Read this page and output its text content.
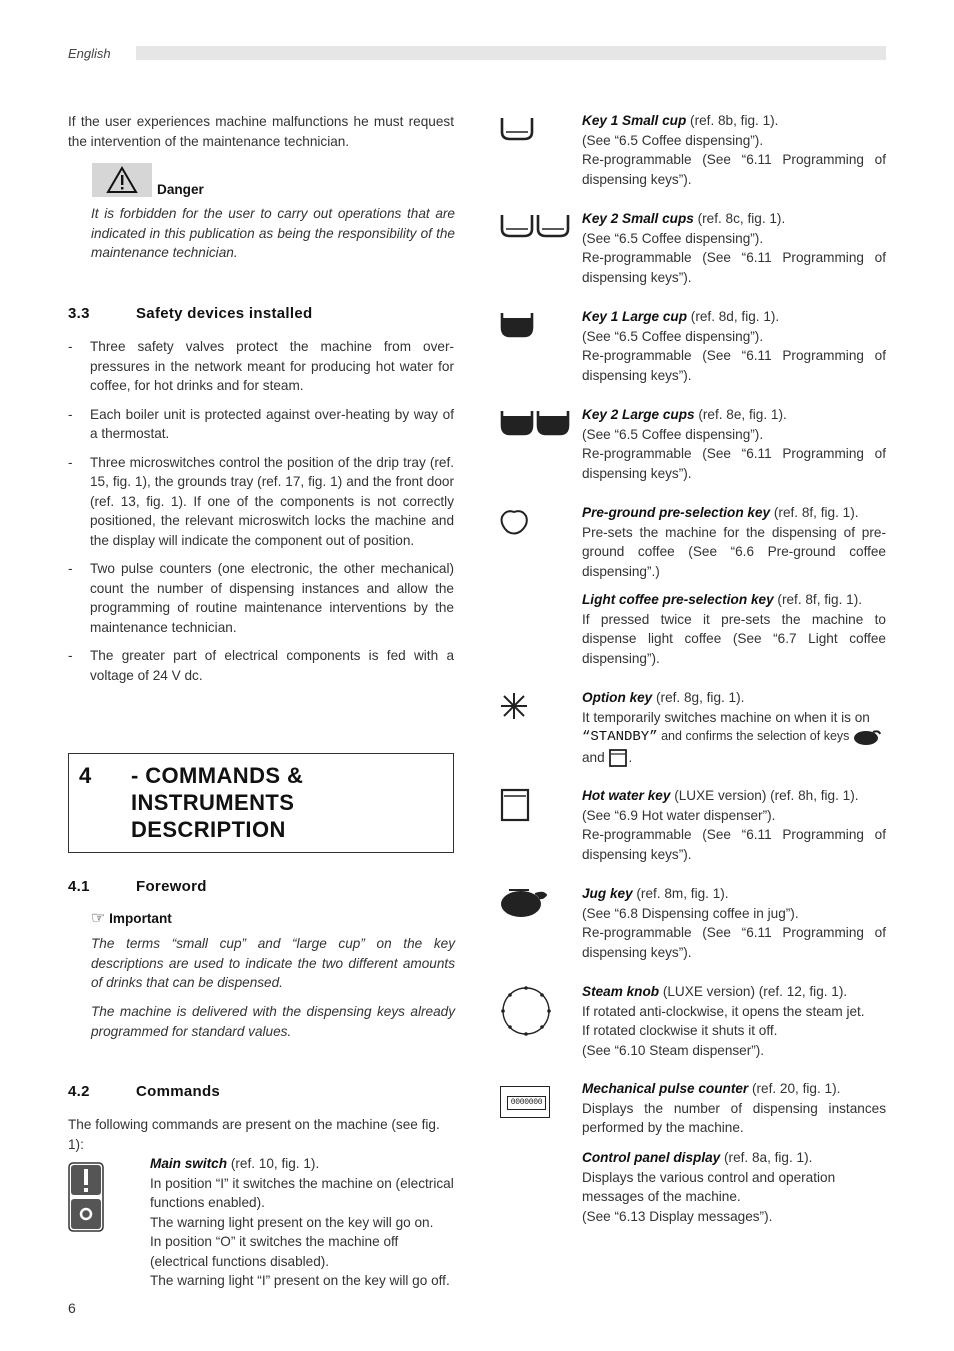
English

If the user experiences machine malfunctions he must request the intervention of the maintenance technician.

Danger

It is forbidden for the user to carry out operations that are indicated in this publication as being the responsibility of the maintenance technician.

3.3	Safety devices installed
- Three safety valves protect the machine from over-pressures in the network meant for producing hot water for coffee, for hot drinks and for steam.
- Each boiler unit is protected against over-heating by way of a thermostat.
- Three microswitches control the position of the drip tray (ref. 15, fig. 1), the grounds tray (ref. 17, fig. 1) and the front door (ref. 13, fig. 1). If one of the components is not correctly positioned, the relevant microswitch locks the machine and the display will indicate the component out of position.
- Two pulse counters (one electronic, the other mechanical) count the number of dispensing instances and allow the programming of routine maintenance interventions by the maintenance technician.
- The greater part of electrical components is fed with a voltage of 24 V dc.
4 - COMMANDS &
INSTRUMENTS
DESCRIPTION
4.1	Foreword
☞ Important

The terms “small cup” and “large cup” on the key descriptions are used to indicate the two different amounts of drinks that can be dispensed.

The machine is delivered with the dispensing keys already programmed for standard values.

4.2	Commands

The following commands are present on the machine (see fig. 1):

Main switch (ref. 10, fig. 1).
In position “I” it switches the machine on (electrical functions enabled).
The warning light present on the key will go on.
In position “O” it switches the machine off (electrical functions disabled).
The warning light “I” present on the key will go off.
0000000
Key 1 Small cup (ref. 8b, fig. 1).
(See “6.5 Coffee dispensing”).
Re-programmable (See “6.11 Programming of dispensing keys”).
Key 2 Small cups (ref. 8c, fig. 1).
(See “6.5 Coffee dispensing”).
Re-programmable (See “6.11 Programming of dispensing keys”).
Key 1 Large cup (ref. 8d, fig. 1).
(See “6.5 Coffee dispensing”).
Re-programmable (See “6.11 Programming of dispensing keys”).
Key 2 Large cups (ref. 8e, fig. 1).
(See “6.5 Coffee dispensing”).
Re-programmable (See “6.11 Programming of dispensing keys”).
Pre-ground pre-selection key (ref. 8f, fig. 1).
Pre-sets the machine for the dispensing of pre-ground coffee (See “6.6 Pre-ground coffee dispensing”.)
Light coffee pre-selection key (ref. 8f, fig. 1).
If pressed twice it pre-sets the machine to dispense light coffee (See “6.7 Light coffee dispensing”).
Option key (ref. 8g, fig. 1).
It temporarily switches machine on when it is on
“STANDBY” and confirms the selection of keys
and .
Hot water key (LUXE version) (ref. 8h, fig. 1).
(See “6.9 Hot water dispenser”).
Re-programmable (See “6.11 Programming of dispensing keys”).
Jug key (ref. 8m, fig. 1).
(See “6.8 Dispensing coffee in jug”).
Re-programmable (See “6.11 Programming of dispensing keys”).
Steam knob (LUXE version) (ref. 12, fig. 1).
If rotated anti-clockwise, it opens the steam jet.
If rotated clockwise it shuts it off.
(See “6.10 Steam dispenser”).
Mechanical pulse counter (ref. 20, fig. 1).
Displays the number of dispensing instances performed by the machine.
Control panel display (ref. 8a, fig. 1).
Displays the various control and operation messages of the machine.
(See “6.13 Display messages”).
6
